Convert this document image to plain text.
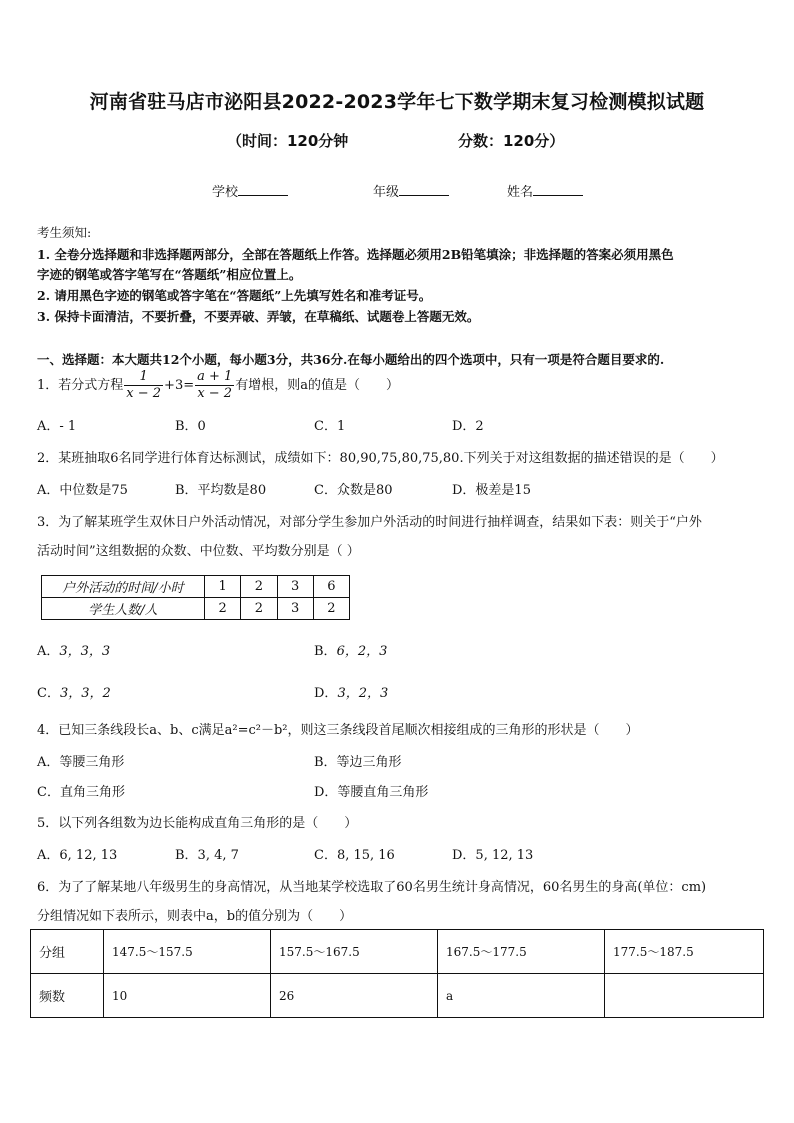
河南省驻马店市泌阳县2022-2023学年七下数学期末复习检测模拟试题
（时间：120分钟	分数：120分）
学校	年级	姓名
考生须知:
1. 全卷分选择题和非选择题两部分，全部在答题纸上作答。选择题必须用2B铅笔填涂；非选择题的答案必须用黑色
字迹的钢笔或答字笔写在“答题纸”相应位置上。
2. 请用黑色字迹的钢笔或答字笔在“答题纸”上先填写姓名和准考证号。
3. 保持卡面清洁，不要折叠，不要弄破、弄皱，在草稿纸、试题卷上答题无效。
一、选择题：本大题共12个小题，每小题3分，共36分.在每小题给出的四个选项中，只有一项是符合题目要求的.
1．若分式方程 $\frac{1}{x - 2} +3= \frac{a + 1}{x - 2}$ 有增根，则a的值是（　　）
A．- 1	B．0	C．1	D．2
2．某班抽取6名同学进行体育达标测试，成绩如下：80,90,75,80,75,80.下列关于对这组数据的描述错误的是（　　）
A．中位数是75	B．平均数是80	C．众数是80	D．极差是15
3．为了解某班学生双休日户外活动情况，对部分学生参加户外活动的时间进行抽样调查，结果如下表：则关于“户外
活动时间”这组数据的众数、中位数、平均数分别是（ ）
户外活动的时间/小时	1	2	3	6
学生人数/人	2	2	3	2
A．3，3，3	B．6，2，3
C．3，3，2	D．3，2，3
4．已知三条线段长a、b、c满足a²=c²－b²，则这三条线段首尾顺次相接组成的三角形的形状是（　　）
A．等腰三角形	B．等边三角形
C．直角三角形	D．等腰直角三角形
5．以下列各组数为边长能构成直角三角形的是（　　）
A．6, 12, 13	B．3, 4, 7	C．8, 15, 16	D．5, 12, 13
6．为了了解某地八年级男生的身高情况，从当地某学校选取了60名男生统计身高情况，60名男生的身高(单位：cm)
分组情况如下表所示，则表中a，b的值分别为（　　）
分组	147.5～157.5	157.5～167.5	167.5～177.5	177.5～187.5
频数	10	26	a	
